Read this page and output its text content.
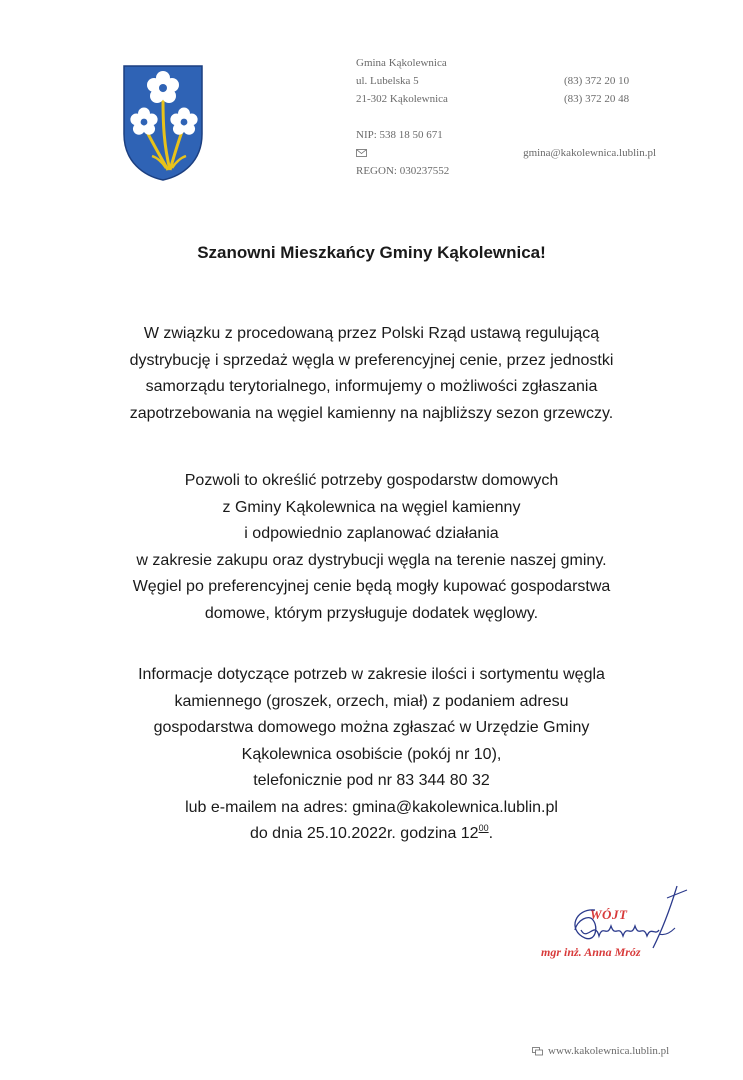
Gmina Kąkolewnica
ul. Lubelska 5	(83) 372 20 10
21-302 Kąkolewnica	(83) 372 20 48
NIP: 538 18 50 671
gmina@kakolewnica.lublin.pl
REGON: 030237552
Szanowni Mieszkańcy Gminy Kąkolewnica!
W związku z procedowaną przez Polski Rząd ustawą regulującą
dystrybucję i sprzedaż węgla w preferencyjnej cenie, przez jednostki
samorządu terytorialnego, informujemy o możliwości zgłaszania
zapotrzebowania na węgiel kamienny na najbliższy sezon grzewczy.
Pozwoli to określić potrzeby gospodarstw domowych
z Gminy Kąkolewnica na węgiel kamienny
i odpowiednio zaplanować działania
w zakresie zakupu oraz dystrybucji węgla na terenie naszej gminy.
Węgiel po preferencyjnej cenie będą mogły kupować gospodarstwa
domowe, którym przysługuje dodatek węglowy.
Informacje dotyczące potrzeb w zakresie ilości i sortymentu węgla
kamiennego (groszek, orzech, miał) z podaniem adresu
gospodarstwa domowego można zgłaszać w Urzędzie Gminy
Kąkolewnica osobiście (pokój nr 10),
telefonicznie pod nr 83 344 80 32
lub e-mailem na adres: gmina@kakolewnica.lublin.pl
do dnia 25.10.2022r. godzina $12^{00}$.
WÓJT
mgr inż. Anna Mróz
www.kakolewnica.lublin.pl
